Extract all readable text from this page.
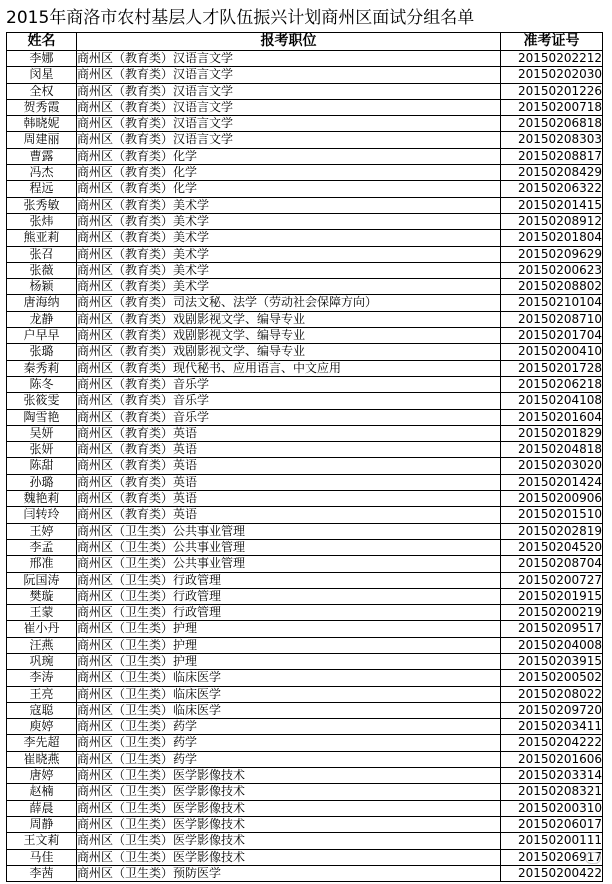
2015年商洛市农村基层人才队伍振兴计划商州区面试分组名单
姓名	报考职位	准考证号
李娜	商州区（教育类）汉语言文学	20150202212
闵星	商州区（教育类）汉语言文学	20150202030
全权	商州区（教育类）汉语言文学	20150201226
贺秀霞	商州区（教育类）汉语言文学	20150200718
韩晓妮	商州区（教育类）汉语言文学	20150206818
周建丽	商州区（教育类）汉语言文学	20150208303
曹露	商州区（教育类）化学	20150208817
冯杰	商州区（教育类）化学	20150208429
程远	商州区（教育类）化学	20150206322
张秀敏	商州区（教育类）美术学	20150201415
张炜	商州区（教育类）美术学	20150208912
熊亚莉	商州区（教育类）美术学	20150201804
张召	商州区（教育类）美术学	20150209629
张薇	商州区（教育类）美术学	20150200623
杨颖	商州区（教育类）美术学	20150208802
唐海纳	商州区（教育类）司法文秘、法学（劳动社会保障方向）	20150210104
龙静	商州区（教育类）戏剧影视文学、编导专业	20150208710
户早早	商州区（教育类）戏剧影视文学、编导专业	20150201704
张璐	商州区（教育类）戏剧影视文学、编导专业	20150200410
秦秀莉	商州区（教育类）现代秘书、应用语言、中文应用	20150201728
陈冬	商州区（教育类）音乐学	20150206218
张筱雯	商州区（教育类）音乐学	20150204108
陶雪艳	商州区（教育类）音乐学	20150201604
吴妍	商州区（教育类）英语	20150201829
张妍	商州区（教育类）英语	20150204818
陈甜	商州区（教育类）英语	20150203020
孙璐	商州区（教育类）英语	20150201424
魏艳莉	商州区（教育类）英语	20150200906
闫转玲	商州区（教育类）英语	20150201510
王婷	商州区（卫生类）公共事业管理	20150202819
李孟	商州区（卫生类）公共事业管理	20150204520
邢准	商州区（卫生类）公共事业管理	20150208704
阮国涛	商州区（卫生类）行政管理	20150200727
樊璇	商州区（卫生类）行政管理	20150201915
王蒙	商州区（卫生类）行政管理	20150200219
崔小丹	商州区（卫生类）护理	20150209517
汪燕	商州区（卫生类）护理	20150204008
巩琬	商州区（卫生类）护理	20150203915
李涛	商州区（卫生类）临床医学	20150200502
王亮	商州区（卫生类）临床医学	20150208022
寇聪	商州区（卫生类）临床医学	20150209720
庾婷	商州区（卫生类）药学	20150203411
李先超	商州区（卫生类）药学	20150204222
崔晓燕	商州区（卫生类）药学	20150201606
唐婷	商州区（卫生类）医学影像技术	20150203314
赵楠	商州区（卫生类）医学影像技术	20150208321
薛晨	商州区（卫生类）医学影像技术	20150200310
周静	商州区（卫生类）医学影像技术	20150206017
王文莉	商州区（卫生类）医学影像技术	20150200111
马佳	商州区（卫生类）医学影像技术	20150206917
李茜	商州区（卫生类）预防医学	20150200422
